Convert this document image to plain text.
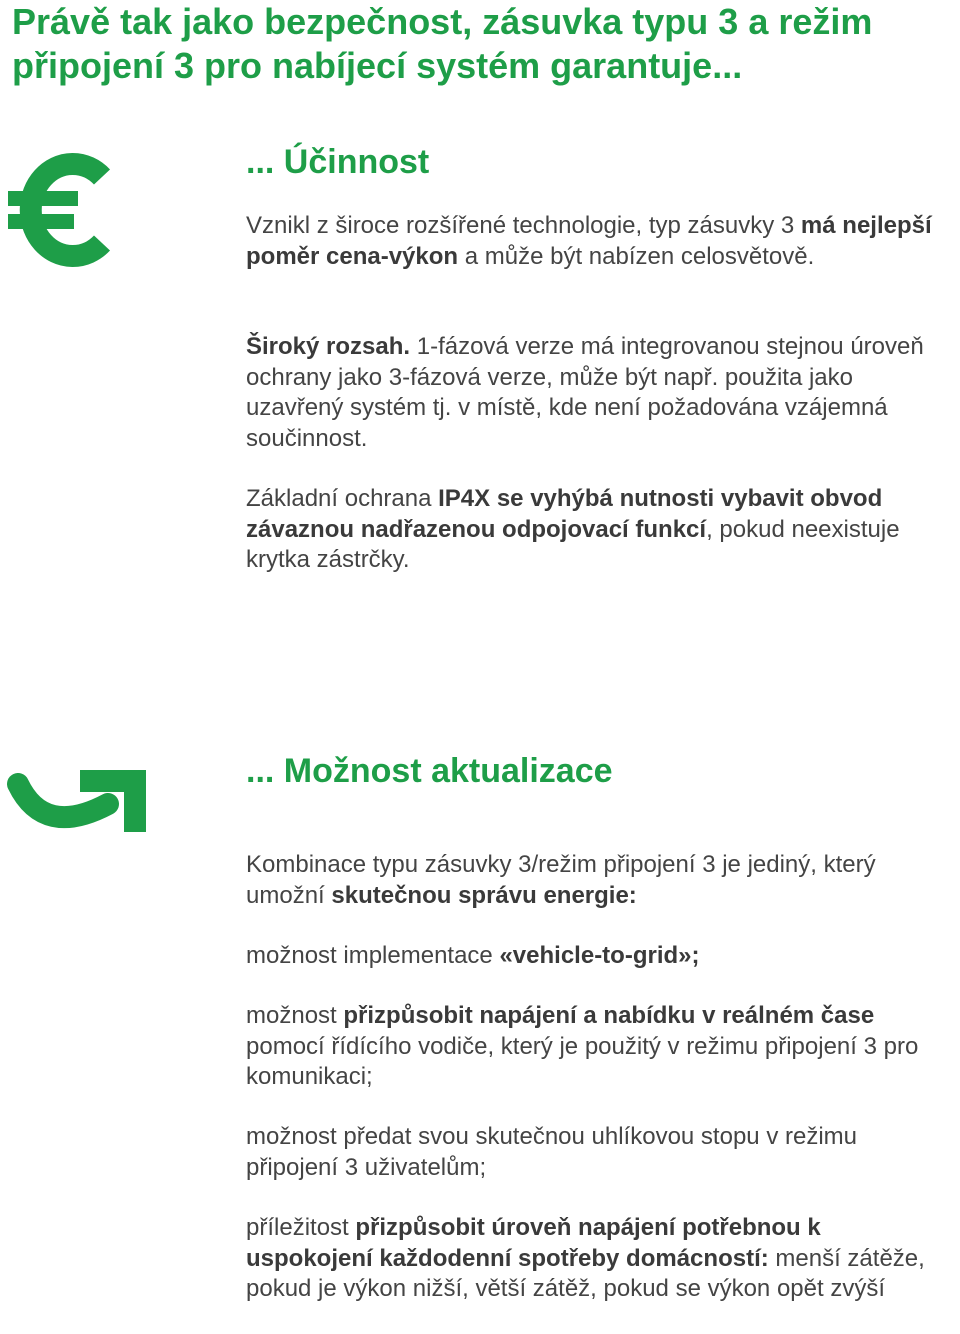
Právě tak jako bezpečnost, zásuvka typu 3 a režim připojení 3 pro nabíjecí systém garantuje...
... Účinnost

Vznikl z široce rozšířené technologie, typ zásuvky 3 má nejlepší poměr cena-výkon a může být nabízen celosvětově.

Široký rozsah. 1-fázová verze má integrovanou stejnou úroveň ochrany jako 3-fázová verze, může být např. použita jako uzavřený systém tj. v místě, kde není požadována vzájemná součinnost.

Základní ochrana IP4X se vyhýbá nutnosti vybavit obvod závaznou nadřazenou odpojovací funkcí, pokud neexistuje krytka zástrčky.

... Možnost aktualizace

Kombinace typu zásuvky 3/režim připojení 3 je jediný, který umožní skutečnou správu energie:

možnost implementace «vehicle-to-grid»;

možnost přizpůsobit napájení a nabídku v reálném čase pomocí řídícího vodiče, který je použitý v režimu připojení 3 pro komunikaci;

možnost předat svou skutečnou uhlíkovou stopu v režimu připojení 3 uživatelům;

příležitost přizpůsobit úroveň napájení potřebnou k uspokojení každodenní spotřeby domácností: menší zátěže, pokud je výkon nižší, větší zátěž, pokud se výkon opět zvýší
